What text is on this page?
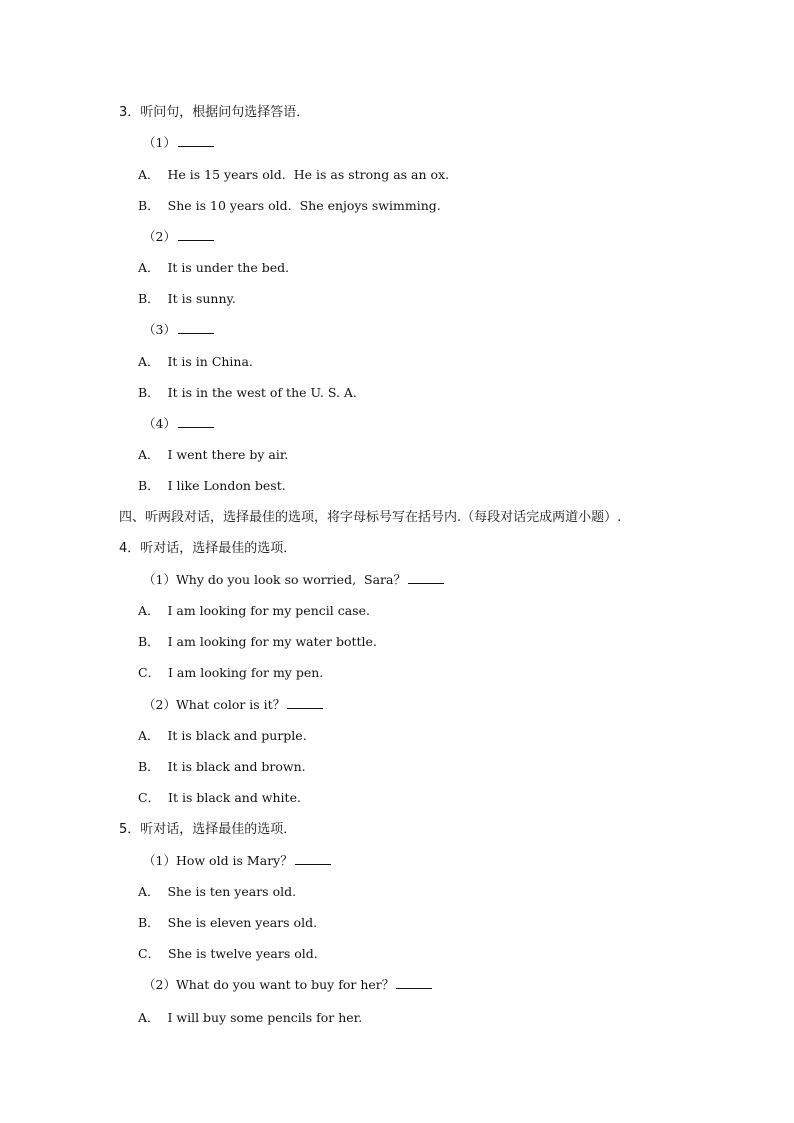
3．听问句，根据问句选择答语．
（1）
A．  He is 15 years old.  He is as strong as an ox.
B．  She is 10 years old.  She enjoys swimming.
（2）
A．  It is under the bed.
B．  It is sunny.
（3）
A．  It is in China.
B．  It is in the west of the U. S. A.
（4）
A．  I went there by air.
B．  I like London best.
四、听两段对话，选择最佳的选项，将字母标号写在括号内.（每段对话完成两道小题）.
4．听对话，选择最佳的选项．
（1）Why do you look so worried,  Sara？
A．  I am looking for my pencil case.
B．  I am looking for my water bottle.
C．  I am looking for my pen.
（2）What color is it？
A．  It is black and purple.
B．  It is black and brown.
C．  It is black and white.
5．听对话，选择最佳的选项．
（1）How old is Mary？
A．  She is ten years old.
B．  She is eleven years old.
C．  She is twelve years old.
（2）What do you want to buy for her？
A．  I will buy some pencils for her.
